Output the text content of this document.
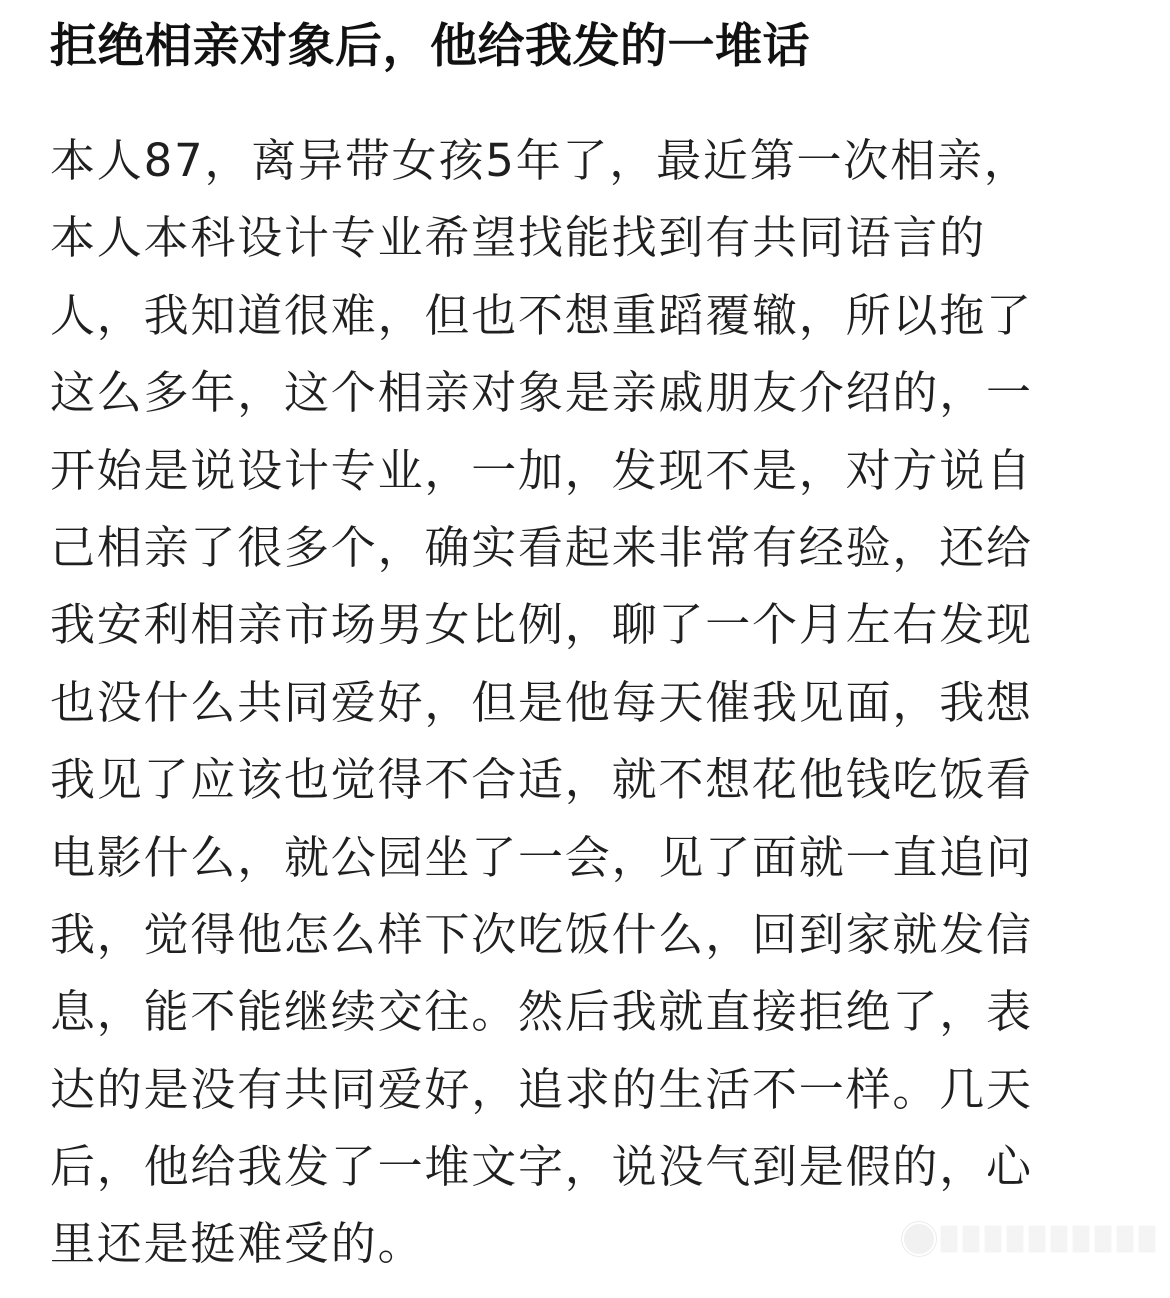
拒绝相亲对象后，他给我发的一堆话
本人87，离异带女孩5年了，最近第一次相亲，
本人本科设计专业希望找能找到有共同语言的
人，我知道很难，但也不想重蹈覆辙，所以拖了
这么多年，这个相亲对象是亲戚朋友介绍的，一
开始是说设计专业，一加，发现不是，对方说自
己相亲了很多个，确实看起来非常有经验，还给
我安利相亲市场男女比例，聊了一个月左右发现
也没什么共同爱好，但是他每天催我见面，我想
我见了应该也觉得不合适，就不想花他钱吃饭看
电影什么，就公园坐了一会，见了面就一直追问
我，觉得他怎么样下次吃饭什么，回到家就发信
息，能不能继续交往。然后我就直接拒绝了，表
达的是没有共同爱好，追求的生活不一样。几天
后，他给我发了一堆文字，说没气到是假的，心
里还是挺难受的。
